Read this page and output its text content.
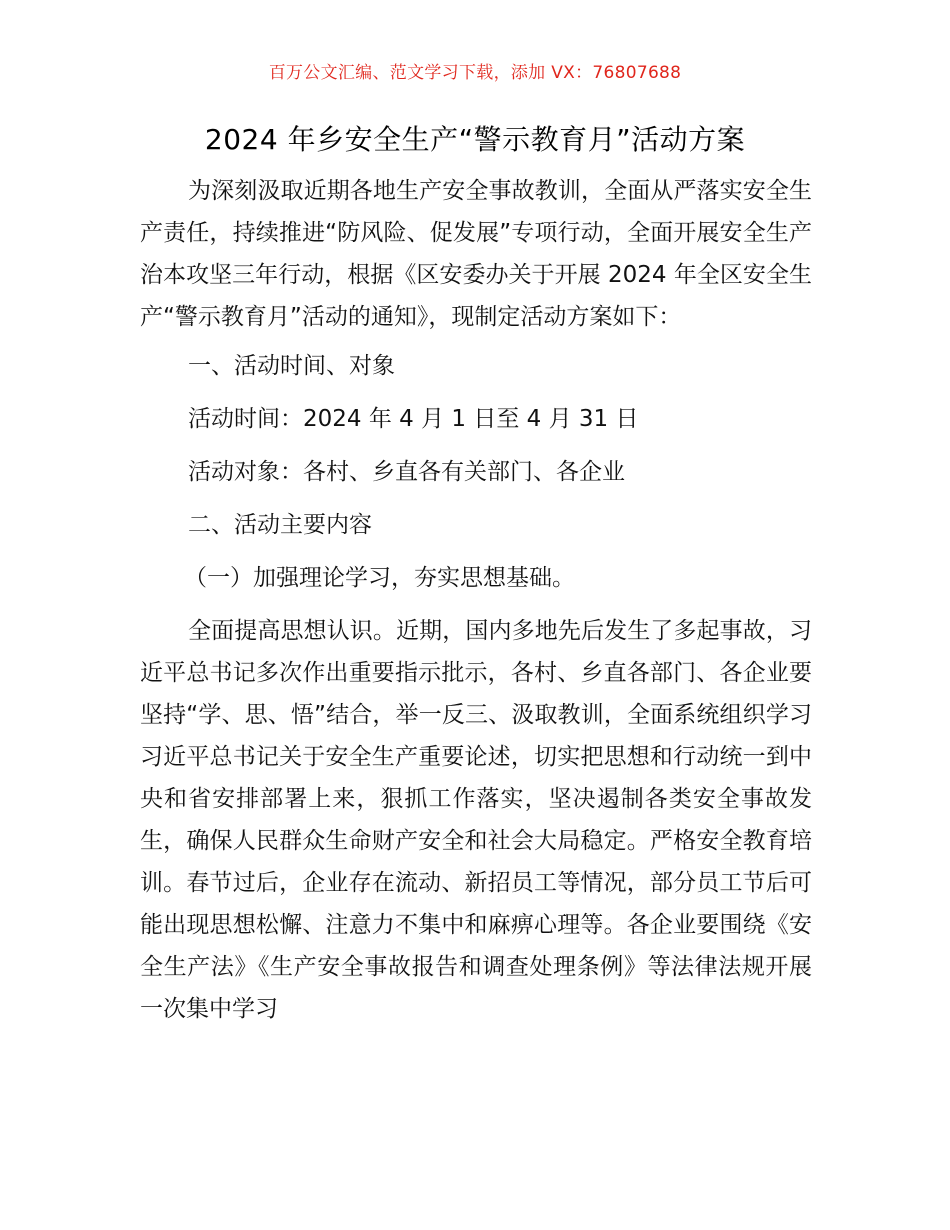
百万公文汇编、范文学习下载，添加 VX：76807688
2024 年乡安全生产“警示教育月”活动方案

为深刻汲取近期各地生产安全事故教训，全面从严落实安全生产责任，持续推进“防风险、促发展”专项行动，全面开展安全生产治本攻坚三年行动，根据《区安委办关于开展 2024 年全区安全生产“警示教育月”活动的通知》，现制定活动方案如下：

一、活动时间、对象

活动时间：2024 年 4 月 1 日至 4 月 31 日

活动对象：各村、乡直各有关部门、各企业

二、活动主要内容

（一）加强理论学习，夯实思想基础。

全面提高思想认识。近期，国内多地先后发生了多起事故，习近平总书记多次作出重要指示批示，各村、乡直各部门、各企业要坚持“学、思、悟”结合，举一反三、汲取教训，全面系统组织学习习近平总书记关于安全生产重要论述，切实把思想和行动统一到中央和省安排部署上来，狠抓工作落实，坚决遏制各类安全事故发生，确保人民群众生命财产安全和社会大局稳定。严格安全教育培训。春节过后，企业存在流动、新招员工等情况，部分员工节后可能出现思想松懈、注意力不集中和麻痹心理等。各企业要围绕《安全生产法》《生产安全事故报告和调查处理条例》等法律法规开展一次集中学习
